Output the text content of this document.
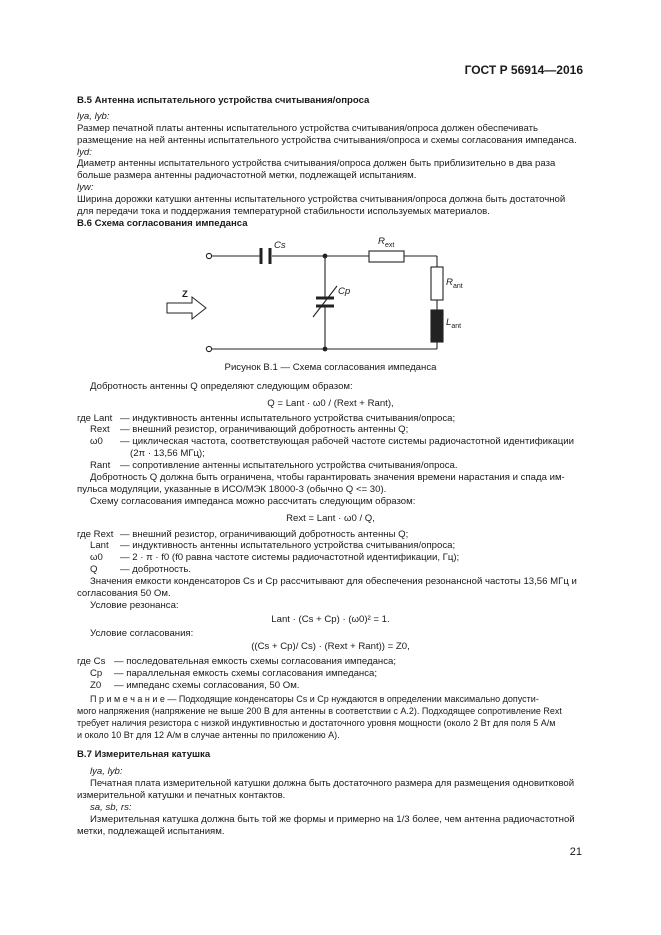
ГОСТ Р 56914—2016
В.5 Антенна испытательного устройства считывания/опроса
lya, lyb:
Размер печатной платы антенны испытательного устройства считывания/опроса должен обеспечивать
размещение на ней антенны испытательного устройства считывания/опроса и схемы согласования импеданса.
lyd:
Диаметр антенны испытательного устройства считывания/опроса должен быть приблизительно в два раза
больше размера антенны радиочастотной метки, подлежащей испытаниям.
lyw:
Ширина дорожки катушки антенны испытательного устройства считывания/опроса должна быть достаточной
для передачи тока и поддержания температурной стабильности используемых материалов.
В.6 Схема согласования импеданса
Cs
Cp
Z
$R_{ext}$
$R_{ant}$
$L_{ant}$
Рисунок В.1 — Схема согласования импеданса
Добротность антенны Q определяют следующим образом:
Q = Lant · ω0 / (Rext + Rant),
где Lant — индуктивность антенны испытательного устройства считывания/опроса;
Rext — внешний резистор, ограничивающий добротность антенны Q;
ω0 — циклическая частота, соответствующая рабочей частоте системы радиочастотной идентификации
(2π · 13,56 МГц);
Rant — сопротивление антенны испытательного устройства считывания/опроса.
Добротность Q должна быть ограничена, чтобы гарантировать значения времени нарастания и спада им-
пульса модуляции, указанные в ИСО/МЭК 18000-3 (обычно Q <= 30).
Схему согласования импеданса можно рассчитать следующим образом:
Rext = Lant · ω0 / Q,
где Rext — внешний резистор, ограничивающий добротность антенны Q;
Lant — индуктивность антенны испытательного устройства считывания/опроса;
ω0 — 2 · π · f0 (f0 равна частоте системы радиочастотной идентификации, Гц);
Q — добротность.
Значения емкости конденсаторов Cs и Cp рассчитывают для обеспечения резонансной частоты 13,56 МГц и
согласования 50 Ом.
Условие резонанса:
Lant · (Cs + Cp) · (ω0)² = 1.
Условие согласования:
((Cs + Cp)/ Cs) · (Rext + Rant)) = Z0,
где Cs — последовательная емкость схемы согласования импеданса;
Cp — параллельная емкость схемы согласования импеданса;
Z0 — импеданс схемы согласования, 50 Ом.
П р и м е ч а н и е — Подходящие конденсаторы Cs и Cp нуждаются в определении максимально допусти-
мого напряжения (напряжение не выше 200 В для антенны в соответствии с А.2). Подходящее сопротивление Rext
требует наличия резистора с низкой индуктивностью и достаточного уровня мощности (около 2 Вт для поля 5 А/м
и около 10 Вт для 12 А/м в случае антенны по приложению А).
В.7 Измерительная катушка
lya, lyb:
Печатная плата измерительной катушки должна быть достаточного размера для размещения одновитковой
измерительной катушки и печатных контактов.
sa, sb, rs:
Измерительная катушка должна быть той же формы и примерно на 1/3 более, чем антенна радиочастотной
метки, подлежащей испытаниям.
21
